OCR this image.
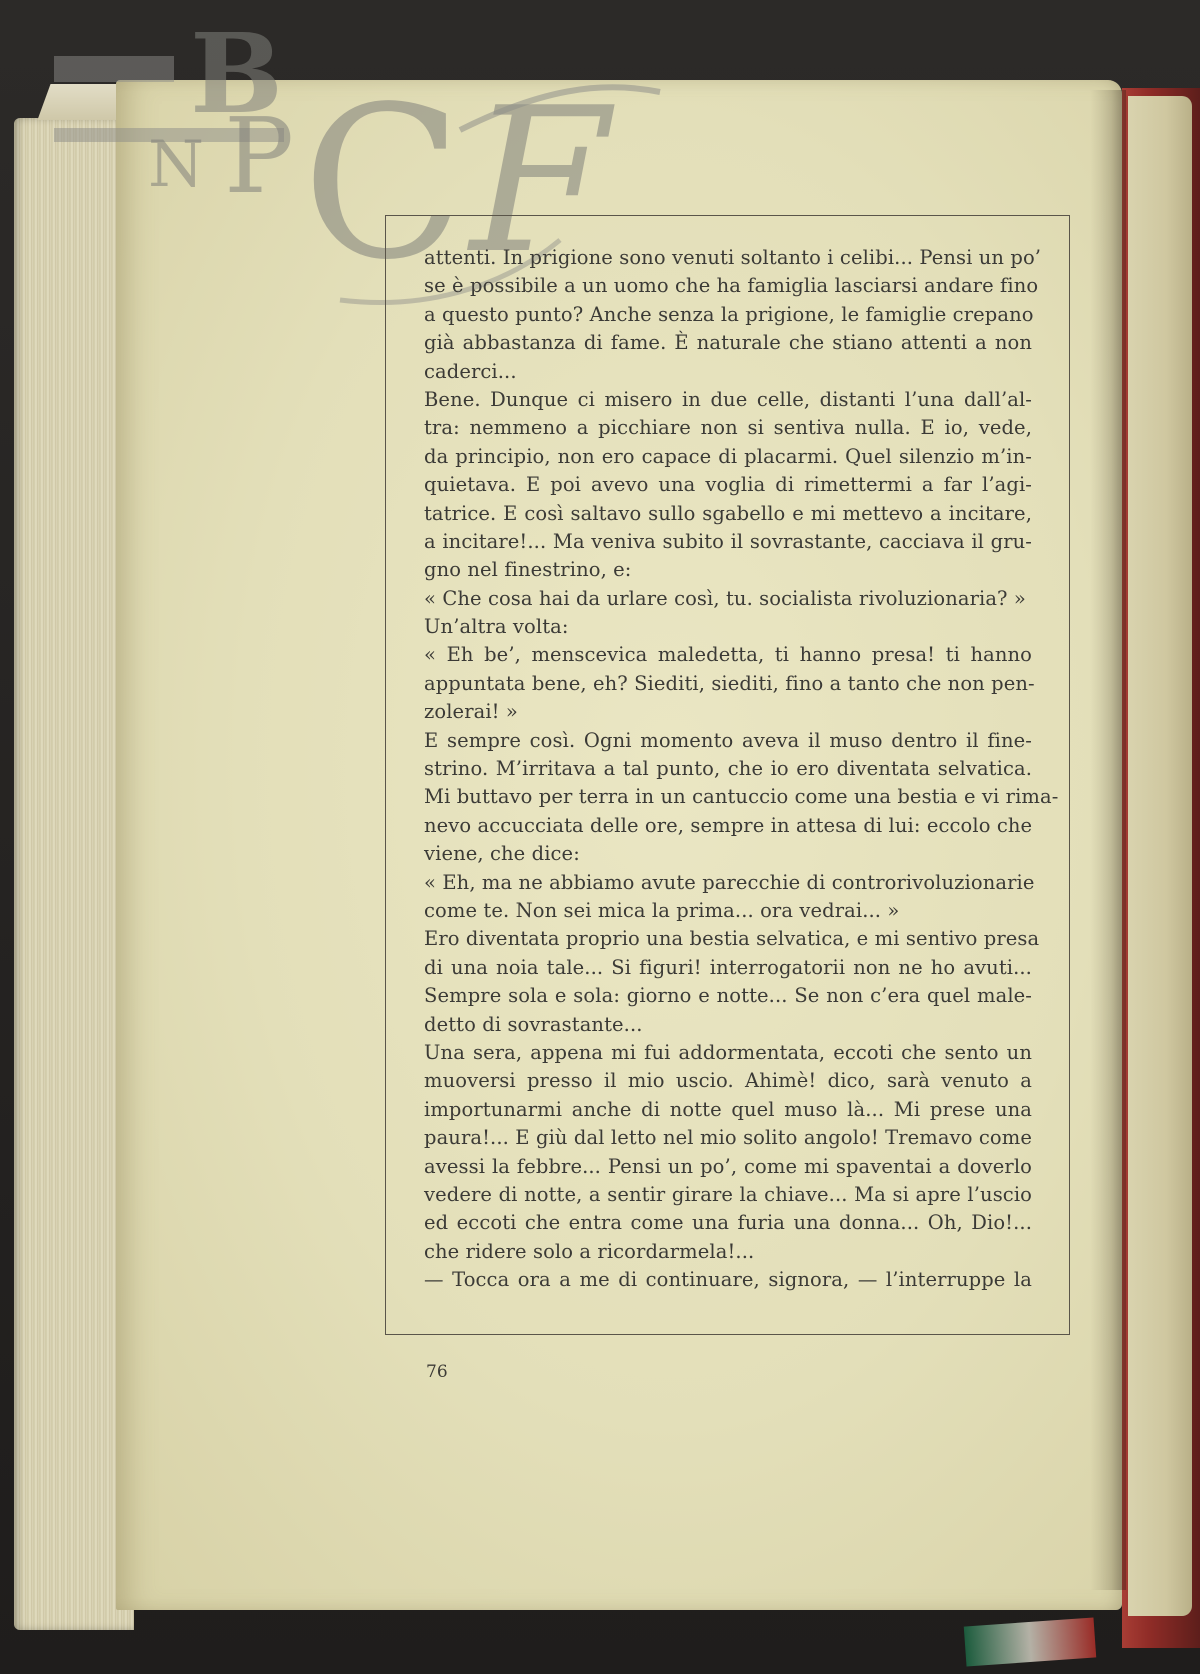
B
N P C F
attenti. In prigione sono venuti soltanto i celibi... Pensi un po’
se è possibile a un uomo che ha famiglia lasciarsi andare fino
a questo punto? Anche senza la prigione, le famiglie crepano
già abbastanza di fame. È naturale che stiano attenti a non
caderci...
Bene. Dunque ci misero in due celle, distanti l’una dall’al-
tra: nemmeno a picchiare non si sentiva nulla. E io, vede,
da principio, non ero capace di placarmi. Quel silenzio m’in-
quietava. E poi avevo una voglia di rimettermi a far l’agi-
tatrice. E così saltavo sullo sgabello e mi mettevo a incitare,
a incitare!... Ma veniva subito il sovrastante, cacciava il gru-
gno nel finestrino, e:
« Che cosa hai da urlare così, tu. socialista rivoluzionaria? »
Un’altra volta:
« Eh be’, menscevica maledetta, ti hanno presa! ti hanno
appuntata bene, eh? Siediti, siediti, fino a tanto che non pen-
zolerai! »
E sempre così. Ogni momento aveva il muso dentro il fine-
strino. M’irritava a tal punto, che io ero diventata selvatica.
Mi buttavo per terra in un cantuccio come una bestia e vi rima-
nevo accucciata delle ore, sempre in attesa di lui: eccolo che
viene, che dice:
« Eh, ma ne abbiamo avute parecchie di controrivoluzionarie
come te. Non sei mica la prima... ora vedrai... »
Ero diventata proprio una bestia selvatica, e mi sentivo presa
di una noia tale... Si figuri! interrogatorii non ne ho avuti...
Sempre sola e sola: giorno e notte... Se non c’era quel male-
detto di sovrastante...
Una sera, appena mi fui addormentata, eccoti che sento un
muoversi presso il mio uscio. Ahimè! dico, sarà venuto a
importunarmi anche di notte quel muso là... Mi prese una
paura!... E giù dal letto nel mio solito angolo! Tremavo come
avessi la febbre... Pensi un po’, come mi spaventai a doverlo
vedere di notte, a sentir girare la chiave... Ma si apre l’uscio
ed eccoti che entra come una furia una donna... Oh, Dio!...
che ridere solo a ricordarmela!...
— Tocca ora a me di continuare, signora, — l’interruppe la
76
